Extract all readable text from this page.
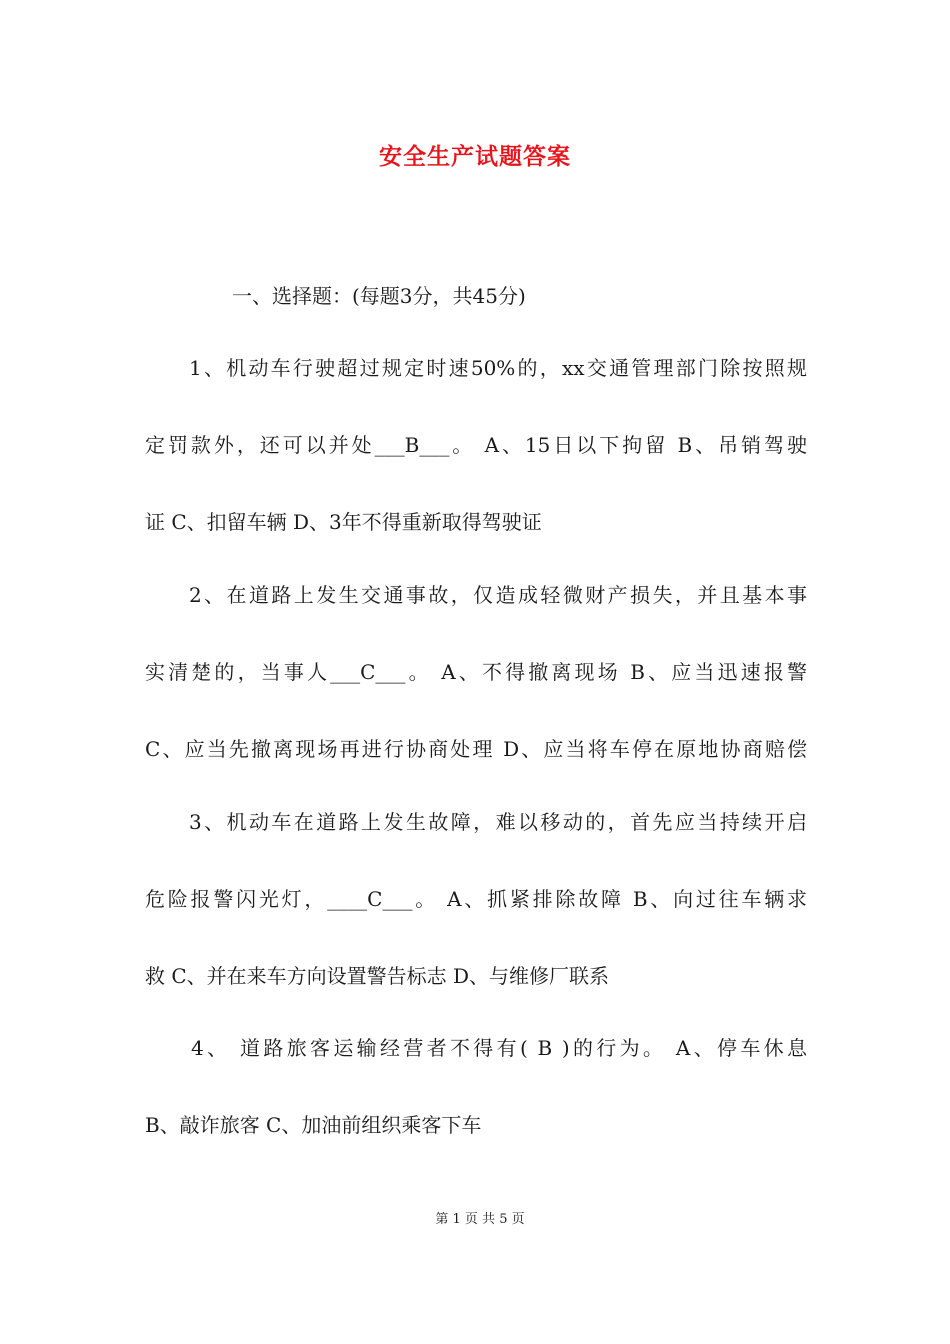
安全生产试题答案
一、选择题：(每题3分，共45分)
1、机动车行驶超过规定时速50%的，xx交通管理部门除按照规
定罚款外，还可以并处___B___。 A、15日以下拘留 B、吊销驾驶
证 C、扣留车辆 D、3年不得重新取得驾驶证
2、在道路上发生交通事故，仅造成轻微财产损失，并且基本事
实清楚的，当事人___C___。 A、不得撤离现场 B、应当迅速报警
C、应当先撤离现场再进行协商处理 D、应当将车停在原地协商赔偿
3、机动车在道路上发生故障，难以移动的，首先应当持续开启
危险报警闪光灯，____C___。 A、抓紧排除故障 B、向过往车辆求
救 C、并在来车方向设置警告标志 D、与维修厂联系
4、 道路旅客运输经营者不得有( B )的行为。 A、停车休息
B、敲诈旅客 C、加油前组织乘客下车
第 1 页 共 5 页
